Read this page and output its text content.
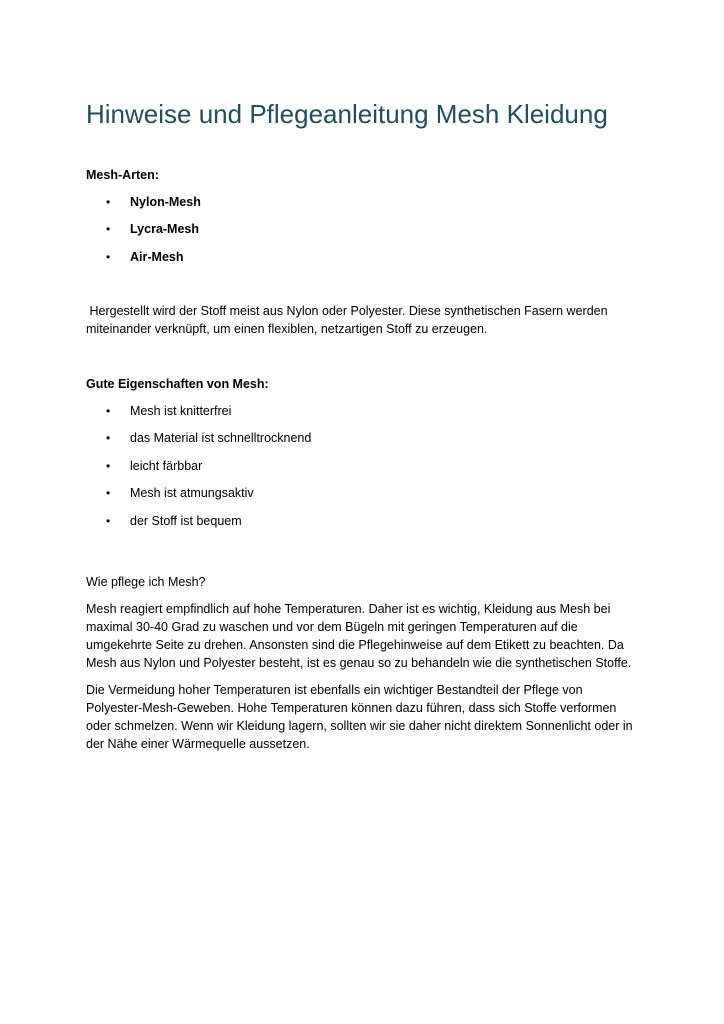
Hinweise und Pflegeanleitung Mesh Kleidung

Mesh-Arten:

• Nylon-Mesh
• Lycra-Mesh
• Air-Mesh

Hergestellt wird der Stoff meist aus Nylon oder Polyester. Diese synthetischen Fasern werden miteinander verknüpft, um einen flexiblen, netzartigen Stoff zu erzeugen.

Gute Eigenschaften von Mesh:

• Mesh ist knitterfrei
• das Material ist schnelltrocknend
• leicht färbbar
• Mesh ist atmungsaktiv
• der Stoff ist bequem

Wie pflege ich Mesh?

Mesh reagiert empfindlich auf hohe Temperaturen. Daher ist es wichtig, Kleidung aus Mesh bei maximal 30-40 Grad zu waschen und vor dem Bügeln mit geringen Temperaturen auf die umgekehrte Seite zu drehen. Ansonsten sind die Pflegehinweise auf dem Etikett zu beachten. Da Mesh aus Nylon und Polyester besteht, ist es genau so zu behandeln wie die synthetischen Stoffe.

Die Vermeidung hoher Temperaturen ist ebenfalls ein wichtiger Bestandteil der Pflege von Polyester-Mesh-Geweben. Hohe Temperaturen können dazu führen, dass sich Stoffe verformen oder schmelzen. Wenn wir Kleidung lagern, sollten wir sie daher nicht direktem Sonnenlicht oder in der Nähe einer Wärmequelle aussetzen.
